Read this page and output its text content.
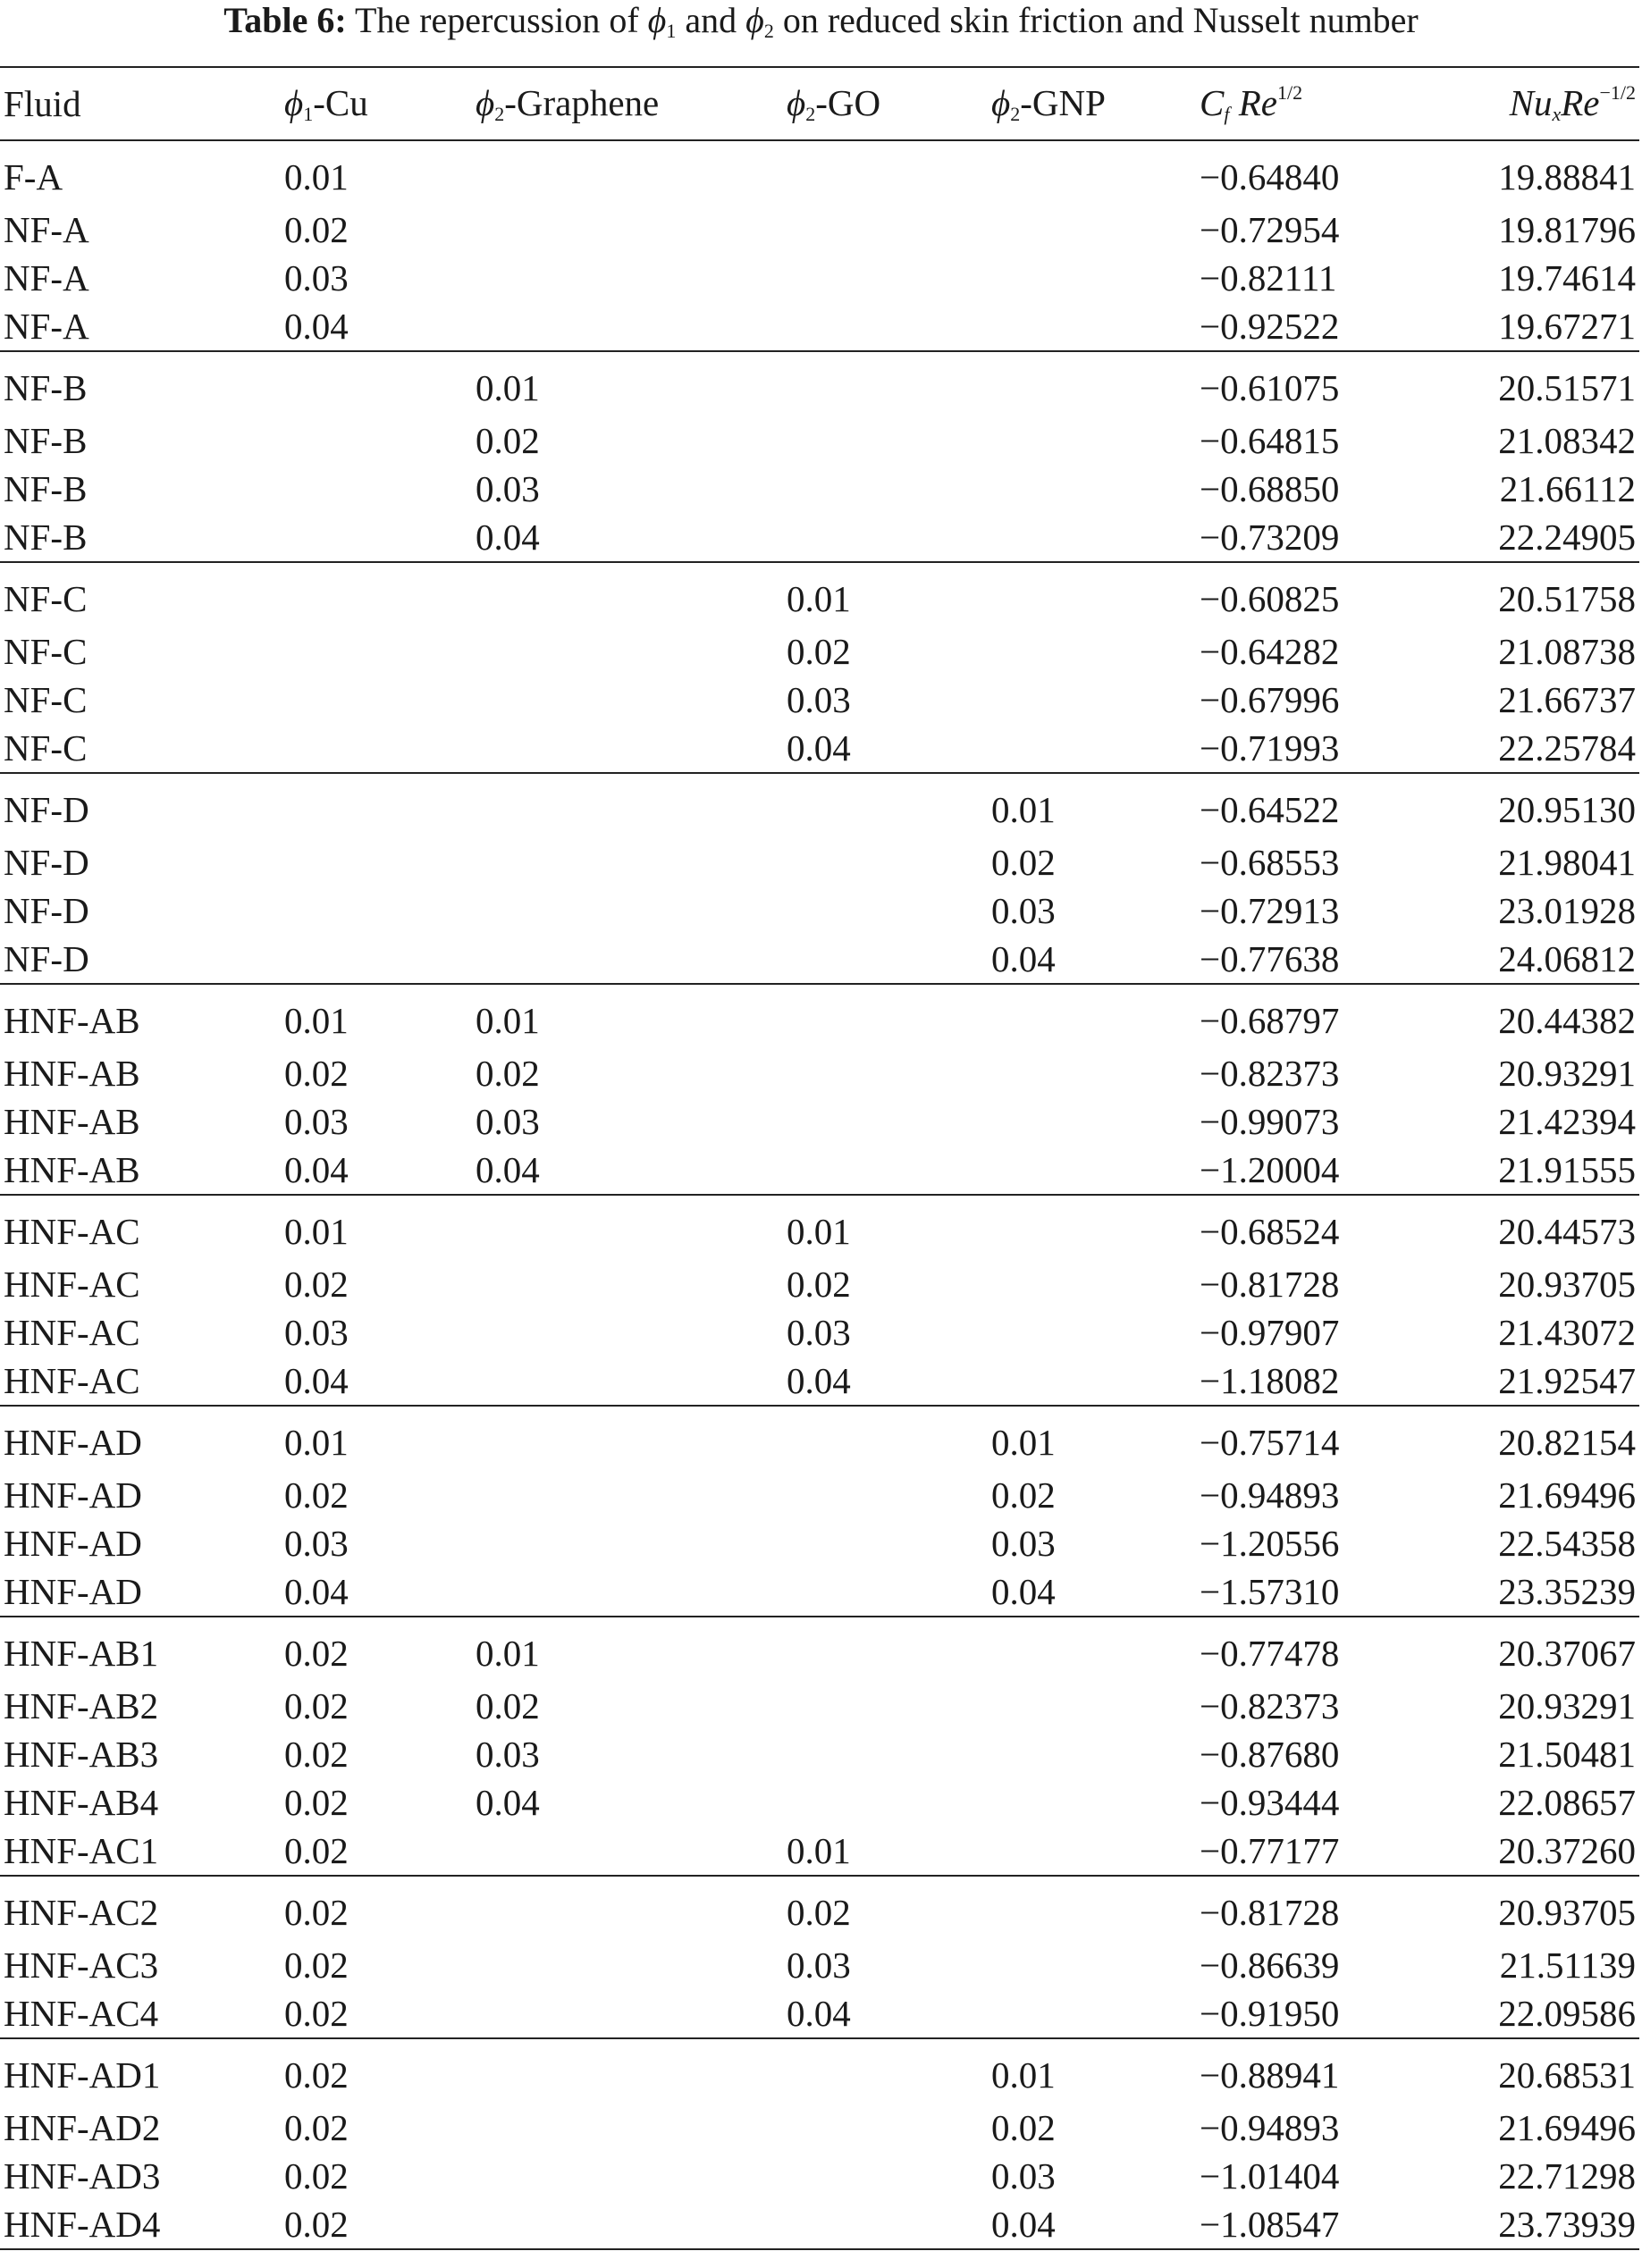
Table 6: The repercussion of $\phi_1$ and $\phi_2$ on reduced skin friction and Nusselt number
Fluid	$\phi_1-Cu$	$\phi_2$-Graphene	$\phi_2-GO$	$\phi_2$-GNP	$C_f$ $Re^{1/2}$	$Nu_xRe^{-1/2}$
F-A	0.01				−0.64840	19.88841
NF-A	0.02				−0.72954	19.81796
NF-A	0.03				−0.82111	19.74614
NF-A	0.04				−0.92522	19.67271
NF-B		0.01			−0.61075	20.51571
NF-B		0.02			−0.64815	21.08342
NF-B		0.03			−0.68850	21.66112
NF-B		0.04			−0.73209	22.24905
NF-C			0.01		−0.60825	20.51758
NF-C			0.02		−0.64282	21.08738
NF-C			0.03		−0.67996	21.66737
NF-C			0.04		−0.71993	22.25784
NF-D				0.01	−0.64522	20.95130
NF-D				0.02	−0.68553	21.98041
NF-D				0.03	−0.72913	23.01928
NF-D				0.04	−0.77638	24.06812
HNF-AB	0.01	0.01			−0.68797	20.44382
HNF-AB	0.02	0.02			−0.82373	20.93291
HNF-AB	0.03	0.03			−0.99073	21.42394
HNF-AB	0.04	0.04			−1.20004	21.91555
HNF-AC	0.01		0.01		−0.68524	20.44573
HNF-AC	0.02		0.02		−0.81728	20.93705
HNF-AC	0.03		0.03		−0.97907	21.43072
HNF-AC	0.04		0.04		−1.18082	21.92547
HNF-AD	0.01			0.01	−0.75714	20.82154
HNF-AD	0.02			0.02	−0.94893	21.69496
HNF-AD	0.03			0.03	−1.20556	22.54358
HNF-AD	0.04			0.04	−1.57310	23.35239
HNF-AB1	0.02	0.01			−0.77478	20.37067
HNF-AB2	0.02	0.02			−0.82373	20.93291
HNF-AB3	0.02	0.03			−0.87680	21.50481
HNF-AB4	0.02	0.04			−0.93444	22.08657
HNF-AC1	0.02		0.01		−0.77177	20.37260
HNF-AC2	0.02		0.02		−0.81728	20.93705
HNF-AC3	0.02		0.03		−0.86639	21.51139
HNF-AC4	0.02		0.04		−0.91950	22.09586
HNF-AD1	0.02			0.01	−0.88941	20.68531
HNF-AD2	0.02			0.02	−0.94893	21.69496
HNF-AD3	0.02			0.03	−1.01404	22.71298
HNF-AD4	0.02			0.04	−1.08547	23.73939
